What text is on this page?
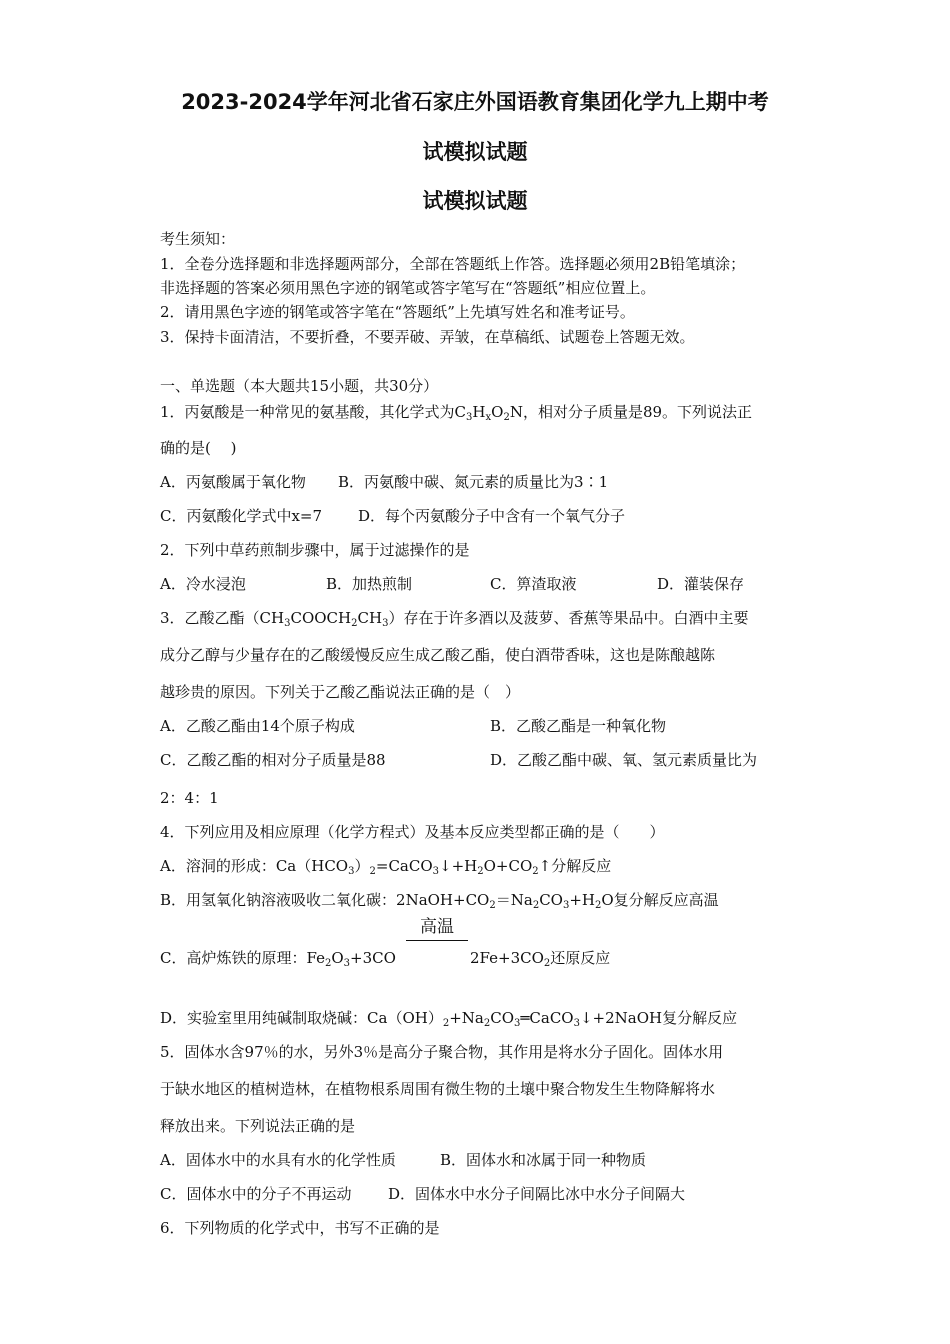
2023-2024学年河北省石家庄外国语教育集团化学九上期中考
试模拟试题
试模拟试题
考生须知：
1．全卷分选择题和非选择题两部分，全部在答题纸上作答。选择题必须用2B铅笔填涂；
非选择题的答案必须用黑色字迹的钢笔或答字笔写在“答题纸”相应位置上。
2．请用黑色字迹的钢笔或答字笔在“答题纸”上先填写姓名和准考证号。
3．保持卡面清洁，不要折叠，不要弄破、弄皱，在草稿纸、试题卷上答题无效。
一、单选题（本大题共15小题，共30分）
1．丙氨酸是一种常见的氨基酸，其化学式为$C_3H_xO_2N$，相对分子质量是89。下列说法正
确的是(　 )
A．丙氨酸属于氧化物 B．丙氨酸中碳、氮元素的质量比为3∶1
C．丙氨酸化学式中x=7 D．每个丙氨酸分子中含有一个氧气分子
2．下列中草药煎制步骤中，属于过滤操作的是
A．冷水浸泡	B．加热煎制	C．箅渣取液	D．灌装保存
3．乙酸乙酯$(CH_3COOCH_2CH_3)$存在于许多酒以及菠萝、香蕉等果品中。白酒中主要
成分乙醇与少量存在的乙酸缓慢反应生成乙酸乙酯，使白酒带香味，这也是陈酿越陈
越珍贵的原因。下列关于乙酸乙酯说法正确的是（　）
A．乙酸乙酯由14个原子构成	B．乙酸乙酯是一种氧化物
C．乙酸乙酯的相对分子质量是88	D．乙酸乙酯中碳、氧、氢元素质量比为
2：4：1
4．下列应用及相应原理（化学方程式）及基本反应类型都正确的是（　　）
A．溶洞的形成：$Ca(HCO_3)_2=CaCO_3↓+H_2O+CO_2↑$分解反应
B．用氢氧化钠溶液吸收二氧化碳：$2NaOH+CO_2=Na_2CO_3+H_2O$复分解反应高温
高温
C．高炉炼铁的原理：$Fe_2O_3+3CO$	$2Fe+3CO_2$还原反应
D．实验室里用纯碱制取烧碱：$Ca(OH)_2+Na_2CO_3═CaCO_3↓+2NaOH$复分解反应
5．固体水含97％的水，另外3％是高分子聚合物，其作用是将水分子固化。固体水用
于缺水地区的植树造林，在植物根系周围有微生物的土壤中聚合物发生生物降解将水
释放出来。下列说法正确的是
A．固体水中的水具有水的化学性质	B．固体水和冰属于同一种物质
C．固体水中的分子不再运动 D．固体水中水分子间隔比冰中水分子间隔大
6．下列物质的化学式中，书写不正确的是
